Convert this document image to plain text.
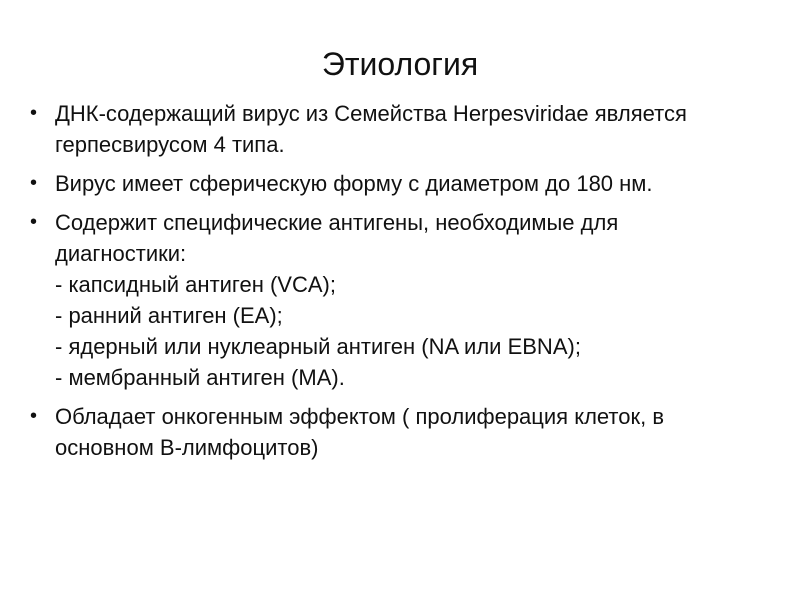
Этиология
• ДНК-содержащий вирус из Семейства Herpesviridae является
герпесвирусом 4 типа.
• Вирус имеет сферическую форму с диаметром до 180 нм.
• Содержит специфические антигены, необходимые для
диагностики:
- капсидный антиген (VCA);
- ранний антиген (EA);
- ядерный или нуклеарный антиген (NA или EBNA);
- мембранный антиген (MA).
• Обладает онкогенным эффектом ( пролиферация клеток, в
основном В-лимфоцитов)
